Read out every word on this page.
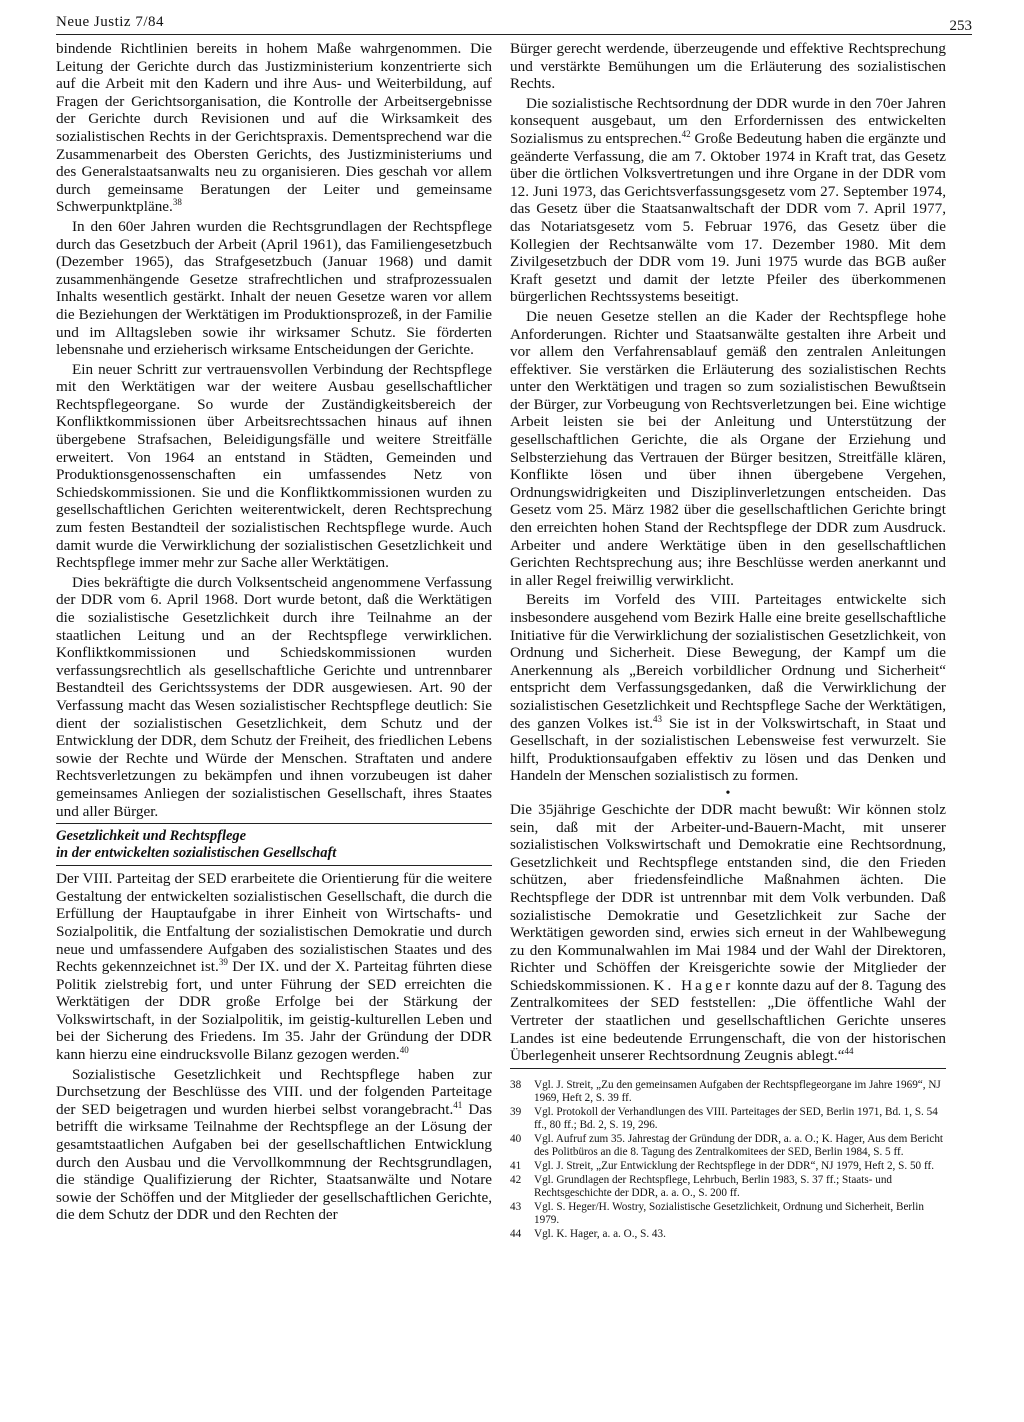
Neue Justiz 7/84	253

bindende Richtlinien bereits in hohem Maße wahrgenommen. Die Leitung der Gerichte durch das Justizministerium konzentrierte sich auf die Arbeit mit den Kadern und ihre Aus- und Weiterbildung, auf Fragen der Gerichtsorganisation, die Kontrolle der Arbeitsergebnisse der Gerichte durch Revisionen und auf die Wirksamkeit des sozialistischen Rechts in der Gerichtspraxis. Dementsprechend war die Zusammenarbeit des Obersten Gerichts, des Justizministeriums und des Generalstaatsanwalts neu zu organisieren. Dies geschah vor allem durch gemeinsame Beratungen der Leiter und gemeinsame Schwerpunktpläne.$^{38}$

In den 60er Jahren wurden die Rechtsgrundlagen der Rechtspflege durch das Gesetzbuch der Arbeit (April 1961), das Familiengesetzbuch (Dezember 1965), das Strafgesetzbuch (Januar 1968) und damit zusammenhängende Gesetze strafrechtlichen und strafprozessualen Inhalts wesentlich gestärkt. Inhalt der neuen Gesetze waren vor allem die Beziehungen der Werktätigen im Produktionsprozeß, in der Familie und im Alltagsleben sowie ihr wirksamer Schutz. Sie förderten lebensnahe und erzieherisch wirksame Entscheidungen der Gerichte.

Ein neuer Schritt zur vertrauensvollen Verbindung der Rechtspflege mit den Werktätigen war der weitere Ausbau gesellschaftlicher Rechtspflegeorgane. So wurde der Zuständigkeitsbereich der Konfliktkommissionen über Arbeitsrechtssachen hinaus auf ihnen übergebene Strafsachen, Beleidigungsfälle und weitere Streitfälle erweitert. Von 1964 an entstand in Städten, Gemeinden und Produktionsgenossenschaften ein umfassendes Netz von Schiedskommissionen. Sie und die Konfliktkommissionen wurden zu gesellschaftlichen Gerichten weiterentwickelt, deren Rechtsprechung zum festen Bestandteil der sozialistischen Rechtspflege wurde. Auch damit wurde die Verwirklichung der sozialistischen Gesetzlichkeit und Rechtspflege immer mehr zur Sache aller Werktätigen.

Dies bekräftigte die durch Volksentscheid angenommene Verfassung der DDR vom 6. April 1968. Dort wurde betont, daß die Werktätigen die sozialistische Gesetzlichkeit durch ihre Teilnahme an der staatlichen Leitung und an der Rechtspflege verwirklichen. Konfliktkommissionen und Schiedskommissionen wurden verfassungsrechtlich als gesellschaftliche Gerichte und untrennbarer Bestandteil des Gerichtssystems der DDR ausgewiesen. Art. 90 der Verfassung macht das Wesen sozialistischer Rechtspflege deutlich: Sie dient der sozialistischen Gesetzlichkeit, dem Schutz und der Entwicklung der DDR, dem Schutz der Freiheit, des friedlichen Lebens sowie der Rechte und Würde der Menschen. Straftaten und andere Rechtsverletzungen zu bekämpfen und ihnen vorzubeugen ist daher gemeinsames Anliegen der sozialistischen Gesellschaft, ihres Staates und aller Bürger.

Gesetzlichkeit und Rechtspflege
in der entwickelten sozialistischen Gesellschaft

Der VIII. Parteitag der SED erarbeitete die Orientierung für die weitere Gestaltung der entwickelten sozialistischen Gesellschaft, die durch die Erfüllung der Hauptaufgabe in ihrer Einheit von Wirtschafts- und Sozialpolitik, die Entfaltung der sozialistischen Demokratie und durch neue und umfassendere Aufgaben des sozialistischen Staates und des Rechts gekennzeichnet ist.$^{39}$ Der IX. und der X. Parteitag führten diese Politik zielstrebig fort, und unter Führung der SED erreichten die Werktätigen der DDR große Erfolge bei der Stärkung der Volkswirtschaft, in der Sozialpolitik, im geistig-kulturellen Leben und bei der Sicherung des Friedens. Im 35. Jahr der Gründung der DDR kann hierzu eine eindrucksvolle Bilanz gezogen werden.$^{40}$

Sozialistische Gesetzlichkeit und Rechtspflege haben zur Durchsetzung der Beschlüsse des VIII. und der folgenden Parteitage der SED beigetragen und wurden hierbei selbst vorangebracht.$^{41}$ Das betrifft die wirksame Teilnahme der Rechtspflege an der Lösung der gesamtstaatlichen Aufgaben bei der gesellschaftlichen Entwicklung durch den Ausbau und die Vervollkommnung der Rechtsgrundlagen, die ständige Qualifizierung der Richter, Staatsanwälte und Notare sowie der Schöffen und der Mitglieder der gesellschaftlichen Gerichte, die dem Schutz der DDR und den Rechten der

Bürger gerecht werdende, überzeugende und effektive Rechtsprechung und verstärkte Bemühungen um die Erläuterung des sozialistischen Rechts.

Die sozialistische Rechtsordnung der DDR wurde in den 70er Jahren konsequent ausgebaut, um den Erfordernissen des entwickelten Sozialismus zu entsprechen.$^{42}$ Große Bedeutung haben die ergänzte und geänderte Verfassung, die am 7. Oktober 1974 in Kraft trat, das Gesetz über die örtlichen Volksvertretungen und ihre Organe in der DDR vom 12. Juni 1973, das Gerichtsverfassungsgesetz vom 27. September 1974, das Gesetz über die Staatsanwaltschaft der DDR vom 7. April 1977, das Notariatsgesetz vom 5. Februar 1976, das Gesetz über die Kollegien der Rechtsanwälte vom 17. Dezember 1980. Mit dem Zivilgesetzbuch der DDR vom 19. Juni 1975 wurde das BGB außer Kraft gesetzt und damit der letzte Pfeiler des überkommenen bürgerlichen Rechtssystems beseitigt.

Die neuen Gesetze stellen an die Kader der Rechtspflege hohe Anforderungen. Richter und Staatsanwälte gestalten ihre Arbeit und vor allem den Verfahrensablauf gemäß den zentralen Anleitungen effektiver. Sie verstärken die Erläuterung des sozialistischen Rechts unter den Werktätigen und tragen so zum sozialistischen Bewußtsein der Bürger, zur Vorbeugung von Rechtsverletzungen bei. Eine wichtige Arbeit leisten sie bei der Anleitung und Unterstützung der gesellschaftlichen Gerichte, die als Organe der Erziehung und Selbsterziehung das Vertrauen der Bürger besitzen, Streitfälle klären, Konflikte lösen und über ihnen übergebene Vergehen, Ordnungswidrigkeiten und Disziplinverletzungen entscheiden. Das Gesetz vom 25. März 1982 über die gesellschaftlichen Gerichte bringt den erreichten hohen Stand der Rechtspflege der DDR zum Ausdruck. Arbeiter und andere Werktätige üben in den gesellschaftlichen Gerichten Rechtsprechung aus; ihre Beschlüsse werden anerkannt und in aller Regel freiwillig verwirklicht.

Bereits im Vorfeld des VIII. Parteitages entwickelte sich insbesondere ausgehend vom Bezirk Halle eine breite gesellschaftliche Initiative für die Verwirklichung der sozialistischen Gesetzlichkeit, von Ordnung und Sicherheit. Diese Bewegung, der Kampf um die Anerkennung als „Bereich vorbildlicher Ordnung und Sicherheit“ entspricht dem Verfassungsgedanken, daß die Verwirklichung der sozialistischen Gesetzlichkeit und Rechtspflege Sache der Werktätigen, des ganzen Volkes ist.$^{43}$ Sie ist in der Volkswirtschaft, in Staat und Gesellschaft, in der sozialistischen Lebensweise fest verwurzelt. Sie hilft, Produktionsaufgaben effektiv zu lösen und das Denken und Handeln der Menschen sozialistisch zu formen.

•

Die 35jährige Geschichte der DDR macht bewußt: Wir können stolz sein, daß mit der Arbeiter-und-Bauern-Macht, mit unserer sozialistischen Volkswirtschaft und Demokratie eine Rechtsordnung, Gesetzlichkeit und Rechtspflege entstanden sind, die den Frieden schützen, aber friedensfeindliche Maßnahmen ächten. Die Rechtspflege der DDR ist untrennbar mit dem Volk verbunden. Daß sozialistische Demokratie und Gesetzlichkeit zur Sache der Werktätigen geworden sind, erwies sich erneut in der Wahlbewegung zu den Kommunalwahlen im Mai 1984 und der Wahl der Direktoren, Richter und Schöffen der Kreisgerichte sowie der Mitglieder der Schiedskommissionen. K. Hager konnte dazu auf der 8. Tagung des Zentralkomitees der SED feststellen: „Die öffentliche Wahl der Vertreter der staatlichen und gesellschaftlichen Gerichte unseres Landes ist eine bedeutende Errungenschaft, die von der historischen Überlegenheit unserer Rechtsordnung Zeugnis ablegt.“$^{44}$

38	Vgl. J. Streit, „Zu den gemeinsamen Aufgaben der Rechtspflegeorgane im Jahre 1969“, NJ 1969, Heft 2, S. 39 ff.
39	Vgl. Protokoll der Verhandlungen des VIII. Parteitages der SED, Berlin 1971, Bd. 1, S. 54 ff., 80 ff.; Bd. 2, S. 19, 296.
40	Vgl. Aufruf zum 35. Jahrestag der Gründung der DDR, a. a. O.; K. Hager, Aus dem Bericht des Politbüros an die 8. Tagung des Zentralkomitees der SED, Berlin 1984, S. 5 ff.
41	Vgl. J. Streit, „Zur Entwicklung der Rechtspflege in der DDR“, NJ 1979, Heft 2, S. 50 ff.
42	Vgl. Grundlagen der Rechtspflege, Lehrbuch, Berlin 1983, S. 37 ff.; Staats- und Rechtsgeschichte der DDR, a. a. O., S. 200 ff.
43	Vgl. S. Heger/H. Wostry, Sozialistische Gesetzlichkeit, Ordnung und Sicherheit, Berlin 1979.
44	Vgl. K. Hager, a. a. O., S. 43.
